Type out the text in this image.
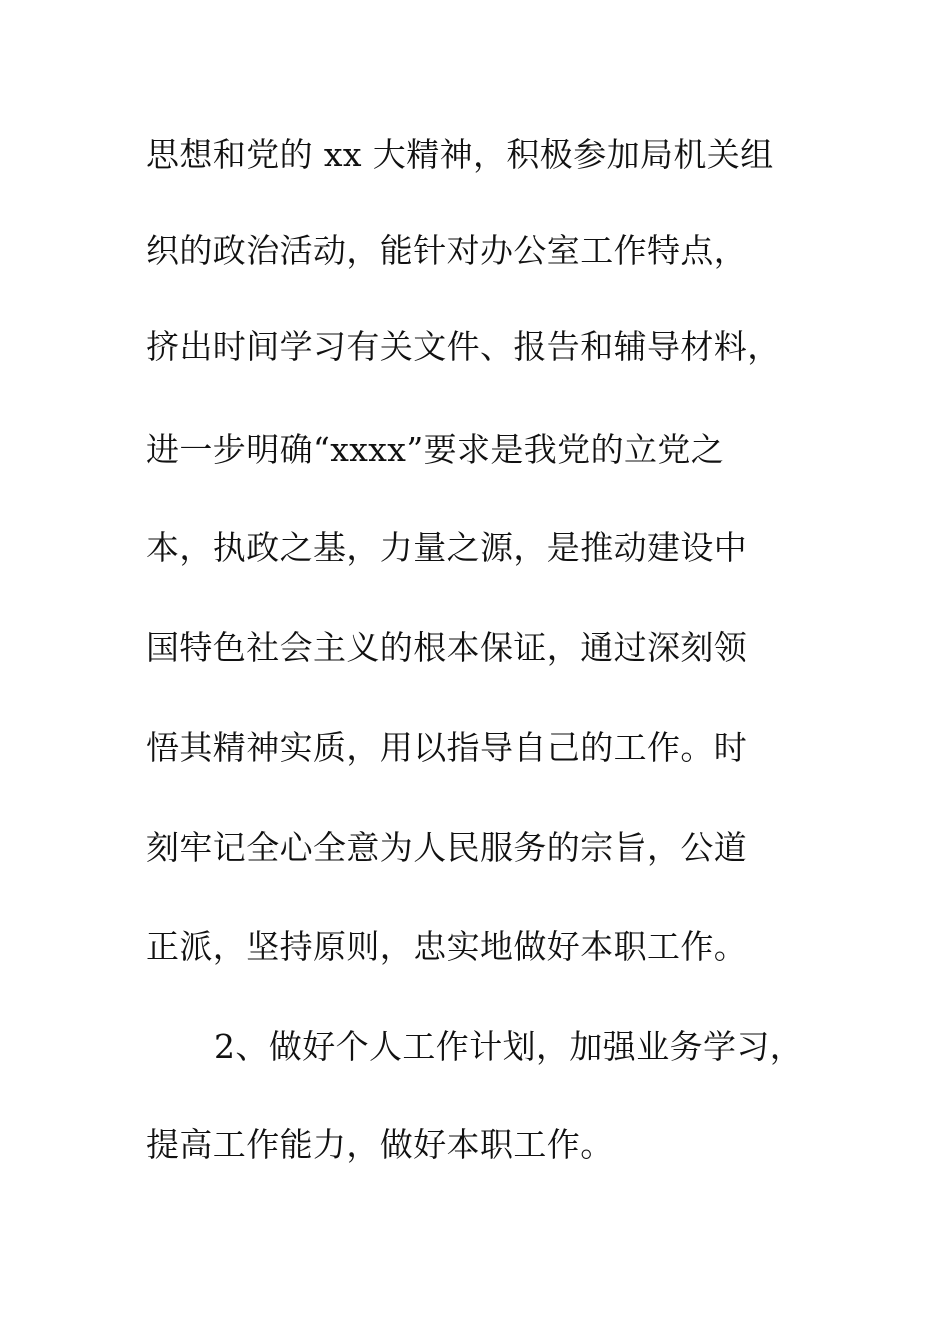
思想和党的 xx 大精神，积极参加局机关组
织的政治活动，能针对办公室工作特点，
挤出时间学习有关文件、报告和辅导材料，
进一步明确“xxxx”要求是我党的立党之
本，执政之基，力量之源，是推动建设中
国特色社会主义的根本保证，通过深刻领
悟其精神实质，用以指导自己的工作。时
刻牢记全心全意为人民服务的宗旨，公道
正派，坚持原则，忠实地做好本职工作。
2、做好个人工作计划，加强业务学习，
提高工作能力，做好本职工作。
